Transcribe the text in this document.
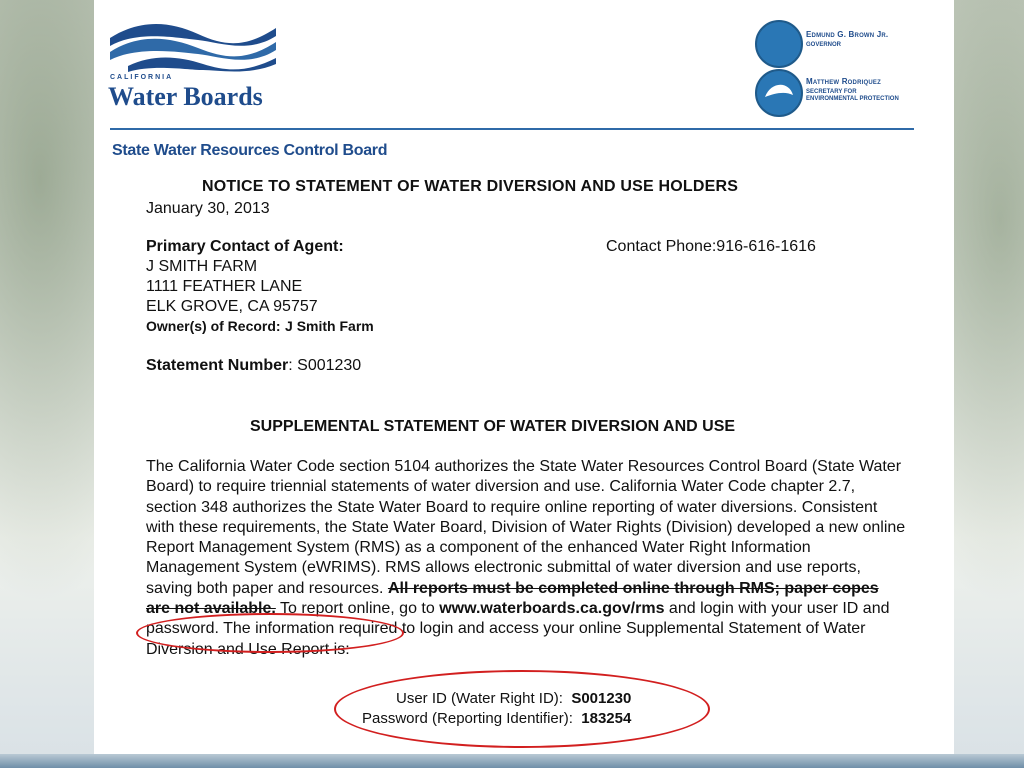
CALIFORNIA
Water Boards
Edmund G. Brown Jr.
GOVERNOR
Matthew Rodriquez
SECRETARY FOR
ENVIRONMENTAL PROTECTION
State Water Resources Control Board
NOTICE TO STATEMENT OF WATER DIVERSION AND USE HOLDERS
January 30, 2013
Primary Contact of Agent:	Contact Phone:916-616-1616
J SMITH FARM
1111 FEATHER LANE
ELK GROVE, CA 95757
Owner(s) of Record: J Smith Farm
Statement Number: S001230
SUPPLEMENTAL STATEMENT OF WATER DIVERSION AND USE

The California Water Code section 5104 authorizes the State Water Resources Control Board (State Water Board) to require triennial statements of water diversion and use. California Water Code chapter 2.7, section 348 authorizes the State Water Board to require online reporting of water diversions. Consistent with these requirements, the State Water Board, Division of Water Rights (Division) developed a new online Report Management System (RMS) as a component of the enhanced Water Right Information Management System (eWRIMS). RMS allows electronic submittal of water diversion and use reports, saving both paper and resources. All reports must be completed online through RMS; paper copes are not available. To report online, go to www.waterboards.ca.gov/rms and login with your user ID and password. The information required to login and access your online Supplemental Statement of Water Diversion and Use Report is:

User ID (Water Right ID): S001230
Password (Reporting Identifier): 183254
